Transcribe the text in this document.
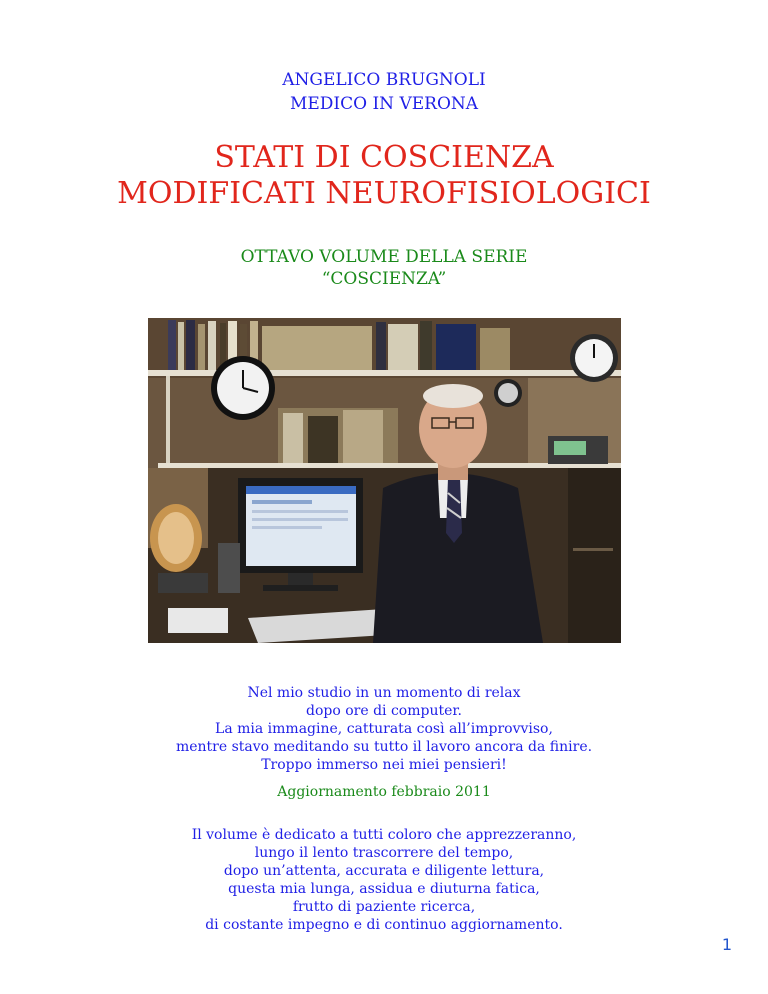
ANGELICO BRUGNOLI
MEDICO IN VERONA
STATI DI COSCIENZA
MODIFICATI NEUROFISIOLOGICI
OTTAVO VOLUME DELLA SERIE
“COSCIENZA”
Nel mio studio in un momento di relax
dopo ore di computer.
La mia immagine, catturata così all’improvviso,
mentre stavo meditando su tutto il lavoro ancora da finire.
Troppo immerso nei miei pensieri!
Aggiornamento febbraio 2011
Il volume è dedicato a tutti coloro che apprezzeranno,
lungo il lento trascorrere del tempo,
dopo un’attenta, accurata e diligente lettura,
questa mia lunga, assidua e diuturna fatica,
frutto di paziente ricerca,
di costante impegno e di continuo aggiornamento.
1
